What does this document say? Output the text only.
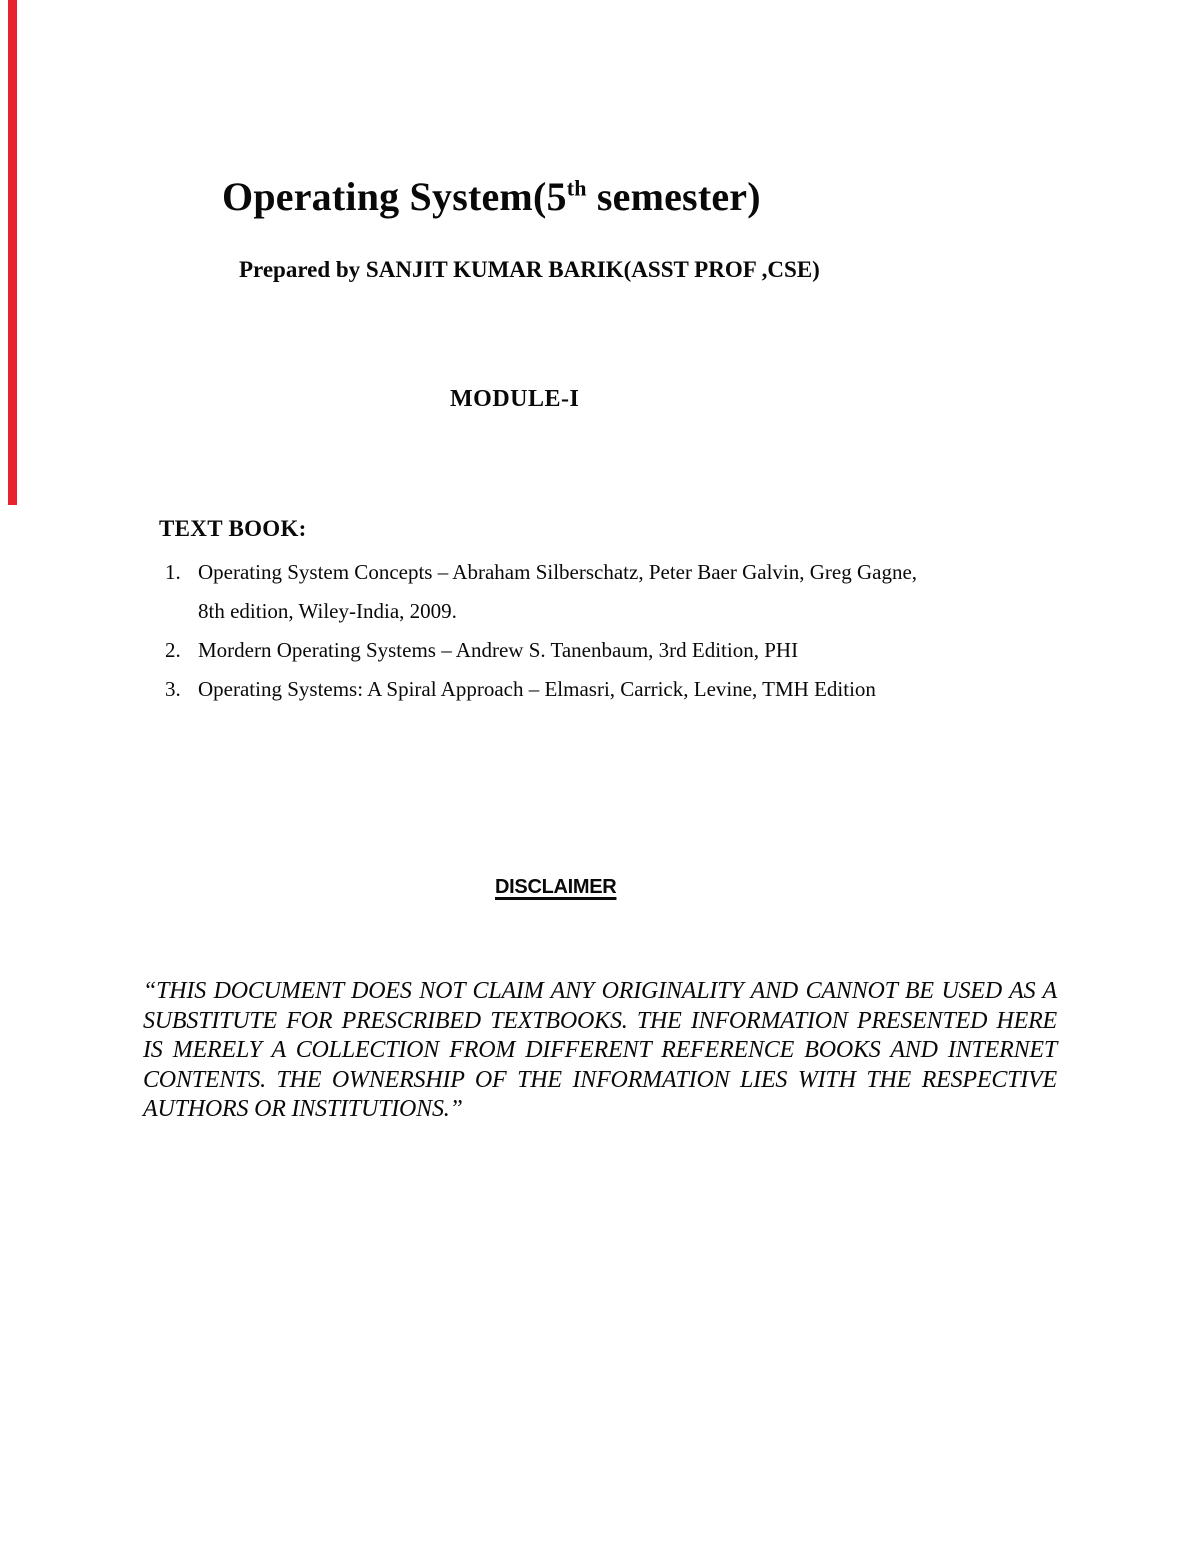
Operating System(5th semester)
Prepared by SANJIT KUMAR BARIK(ASST PROF ,CSE)
MODULE-I
TEXT BOOK:
1. Operating System Concepts – Abraham Silberschatz, Peter Baer Galvin, Greg Gagne, 8th edition, Wiley-India, 2009.
2. Mordern Operating Systems – Andrew S. Tanenbaum, 3rd Edition, PHI
3. Operating Systems: A Spiral Approach – Elmasri, Carrick, Levine, TMH Edition
DISCLAIMER
“THIS DOCUMENT DOES NOT CLAIM ANY ORIGINALITY AND CANNOT BE USED AS A SUBSTITUTE FOR PRESCRIBED TEXTBOOKS. THE INFORMATION PRESENTED HERE IS MERELY A COLLECTION FROM DIFFERENT REFERENCE BOOKS AND INTERNET CONTENTS. THE OWNERSHIP OF THE INFORMATION LIES WITH THE RESPECTIVE AUTHORS OR INSTITUTIONS.”
